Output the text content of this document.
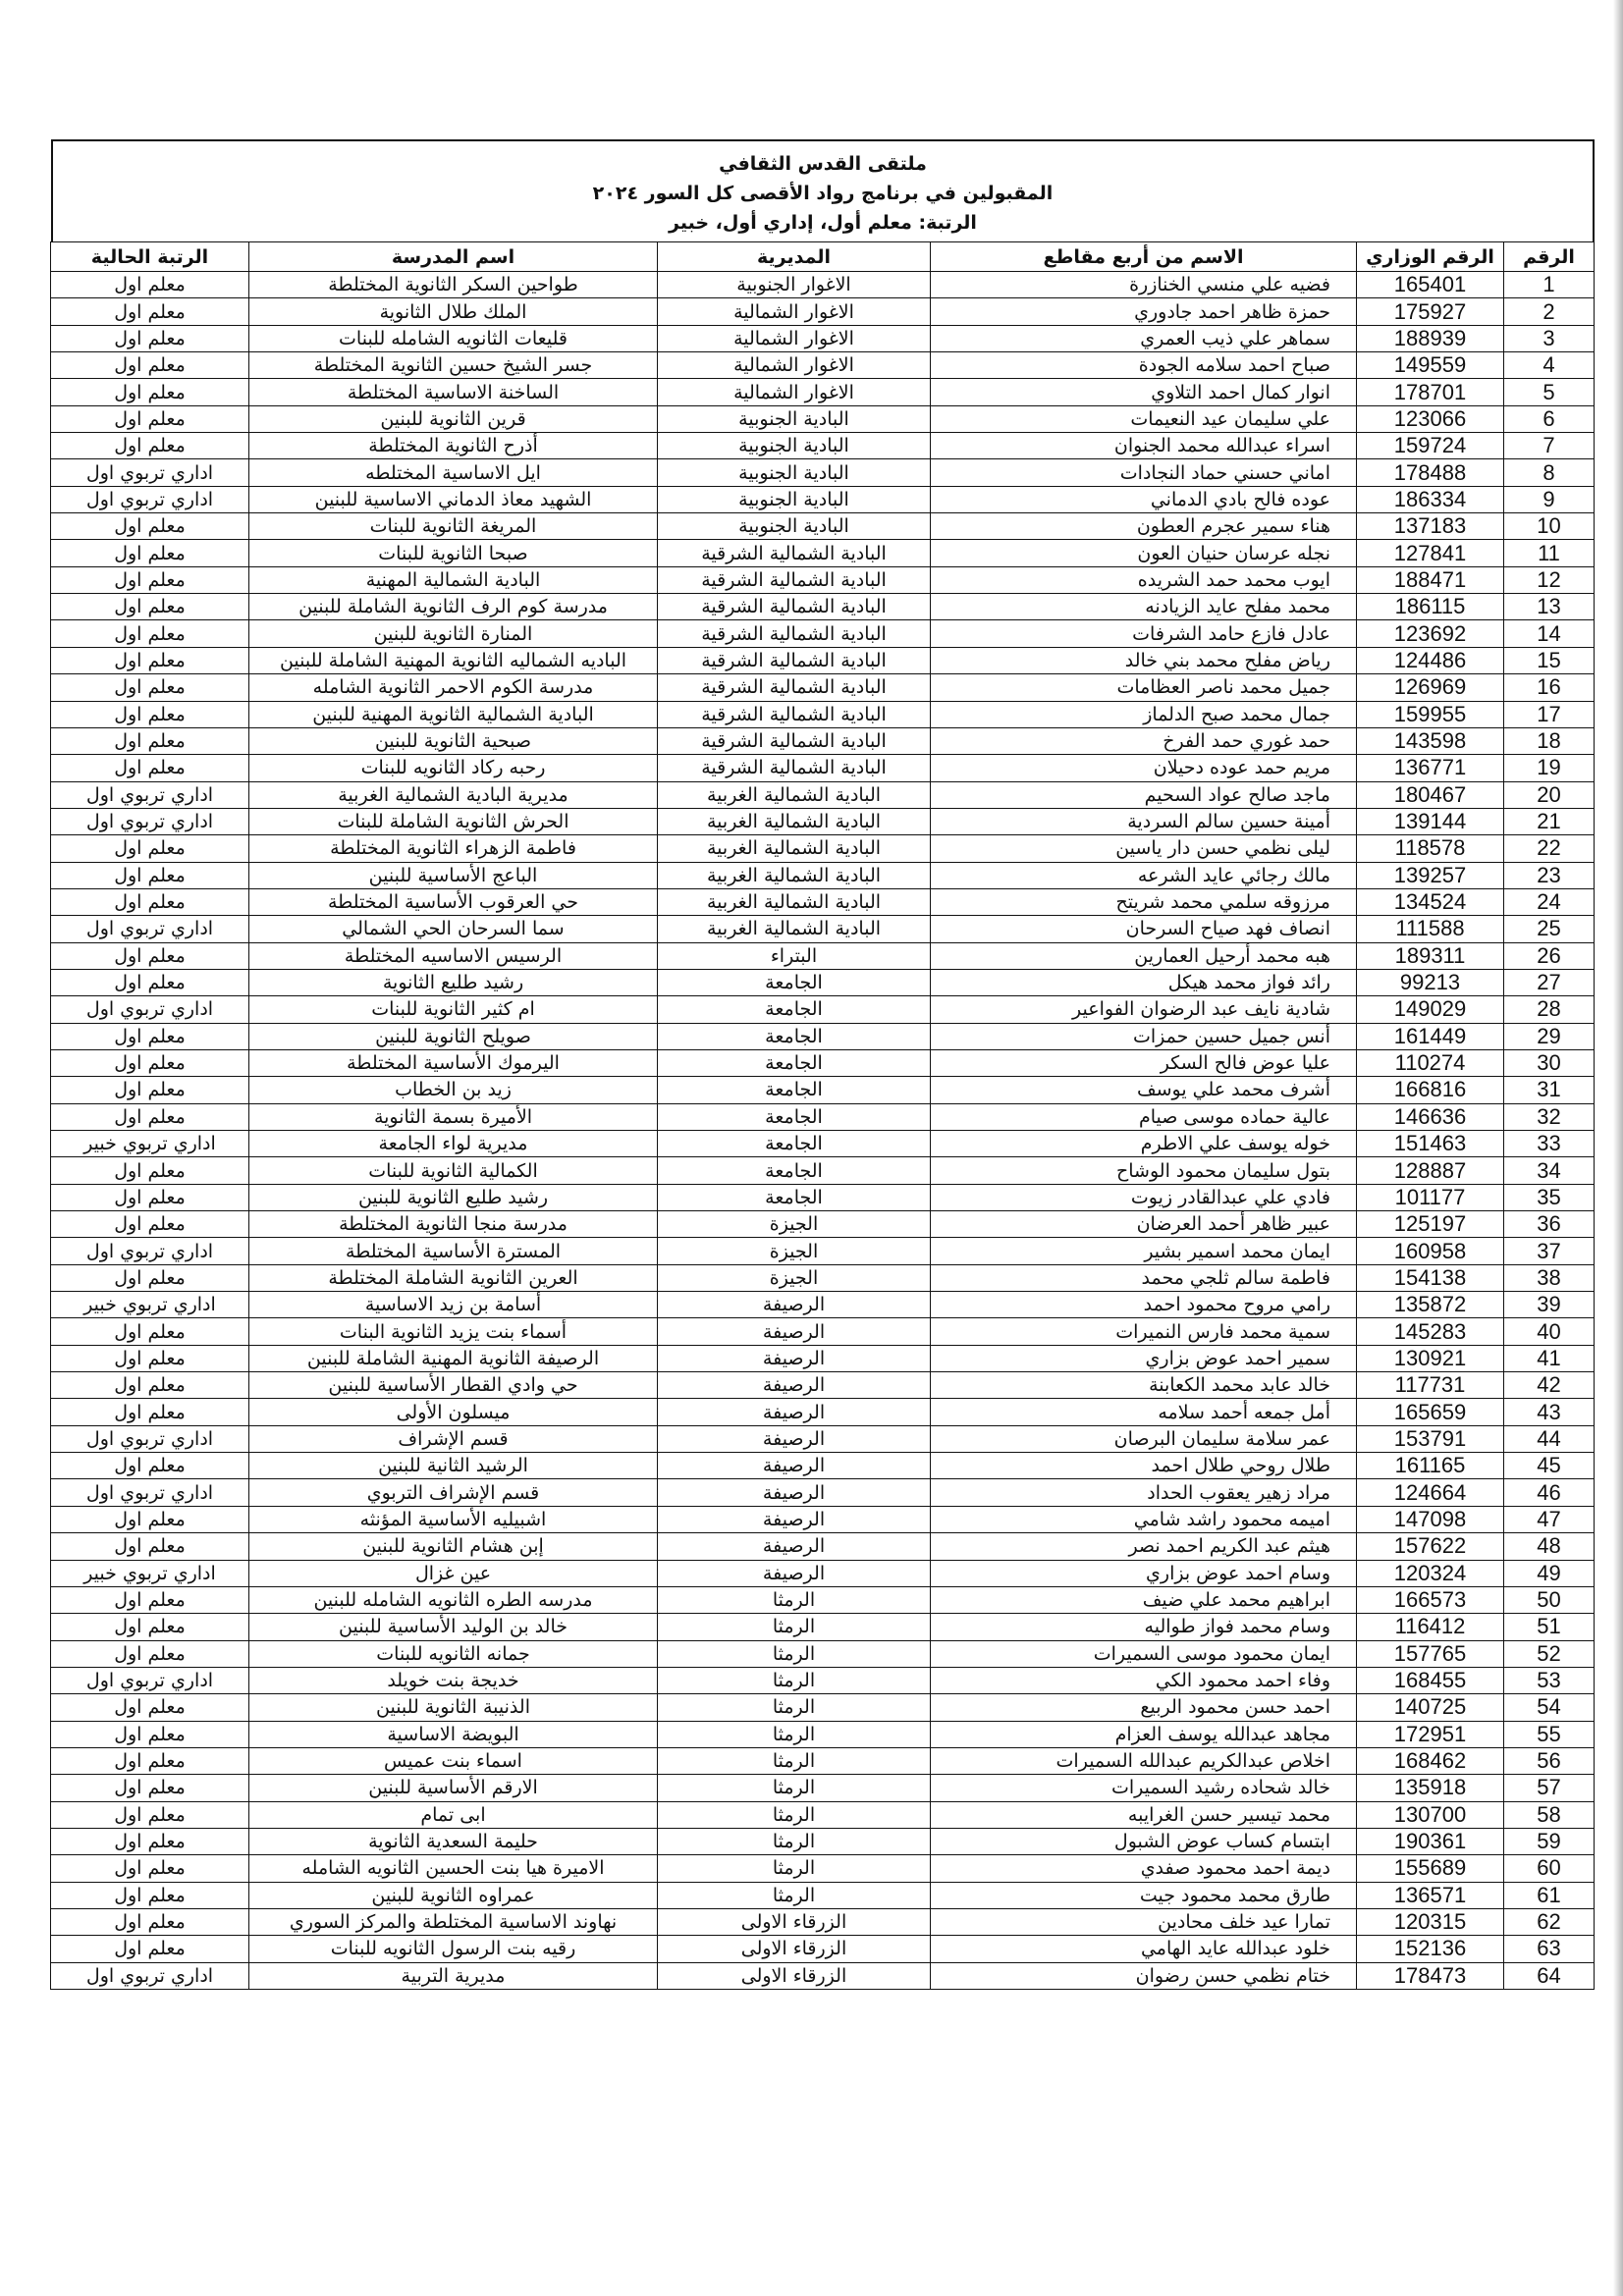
ملتقى القدس الثقافي
المقبولين في برنامج رواد الأقصى كل السور ٢٠٢٤
الرتبة: معلم أول، إداري أول، خبير
الرقم	الرقم الوزاري	الاسم من أربع مقاطع	المديرية	اسم المدرسة	الرتبة الحالية
1	165401	فضيه علي منسي الخنازرة	الاغوار الجنوبية	طواحين السكر الثانوية المختلطة	معلم اول
2	175927	حمزة ظاهر احمد جادوري	الاغوار الشمالية	الملك طلال الثانوية	معلم اول
3	188939	سماهر علي ذيب العمري	الاغوار الشمالية	قليعات الثانويه الشامله للبنات	معلم اول
4	149559	صباح احمد سلامه الجودة	الاغوار الشمالية	جسر الشيخ حسين الثانوية المختلطة	معلم اول
5	178701	انوار كمال احمد التلاوي	الاغوار الشمالية	الساخنة الاساسية المختلطة	معلم اول
6	123066	علي سليمان عيد النعيمات	البادية الجنوبية	قرين الثانوية للبنين	معلم اول
7	159724	اسراء عبدالله محمد الجنوان	البادية الجنوبية	أذرح الثانوية المختلطة	معلم اول
8	178488	اماني حسني حماد النجادات	البادية الجنوبية	ايل الاساسية المختلطه	اداري تربوي اول
9	186334	عوده فالح بادي الدماني	البادية الجنوبية	الشهيد معاذ الدماني الاساسية للبنين	اداري تربوي اول
10	137183	هناء سمير عجرم العطون	البادية الجنوبية	المريغة الثانوية للبنات	معلم اول
11	127841	نجله عرسان حنيان العون	البادية الشمالية الشرقية	صبحا الثانوية للبنات	معلم اول
12	188471	ايوب محمد حمد الشريده	البادية الشمالية الشرقية	البادية الشمالية المهنية	معلم اول
13	186115	محمد مفلح عايد الزيادنه	البادية الشمالية الشرقية	مدرسة كوم الرف الثانوية الشاملة للبنين	معلم اول
14	123692	عادل فازع حامد الشرفات	البادية الشمالية الشرقية	المنارة الثانوية للبنين	معلم اول
15	124486	رياض مفلح محمد بني خالد	البادية الشمالية الشرقية	الباديه الشماليه الثانوية المهنية الشاملة للبنين	معلم اول
16	126969	جميل محمد ناصر العظامات	البادية الشمالية الشرقية	مدرسة الكوم الاحمر الثانوية الشامله	معلم اول
17	159955	جمال محمد صبح الدلماز	البادية الشمالية الشرقية	البادية الشمالية الثانوية المهنية للبنين	معلم اول
18	143598	حمد غوري حمد الفرخ	البادية الشمالية الشرقية	صبحية الثانوية للبنين	معلم اول
19	136771	مريم حمد عوده دحيلان	البادية الشمالية الشرقية	رحبه ركاد الثانويه للبنات	معلم اول
20	180467	ماجد صالح عواد السحيم	البادية الشمالية الغربية	مديرية البادية الشمالية الغربية	اداري تربوي اول
21	139144	أمينة حسين سالم السردية	البادية الشمالية الغربية	الحرش الثانوية الشاملة للبنات	اداري تربوي اول
22	118578	ليلى نظمي حسن دار ياسين	البادية الشمالية الغربية	فاطمة الزهراء الثانوية المختلطة	معلم اول
23	139257	مالك رجائي عايد الشرعه	البادية الشمالية الغربية	الباعج الأساسية للبنين	معلم اول
24	134524	مرزوقه سلمي محمد شريتح	البادية الشمالية الغربية	حي العرقوب الأساسية المختلطة	معلم اول
25	111588	انصاف فهد صياح السرحان	البادية الشمالية الغربية	سما السرحان الحي الشمالي	اداري تربوي اول
26	189311	هبه محمد أرحيل العمارين	البتراء	الرسيس الاساسيه المختلطة	معلم اول
27	99213	رائد فواز محمد هيكل	الجامعة	رشيد طليع الثانوية	معلم اول
28	149029	شادية نايف عبد الرضوان الفواعير	الجامعة	ام كثير الثانوية للبنات	اداري تربوي اول
29	161449	أنس جميل حسين حمزات	الجامعة	صويلح الثانوية للبنين	معلم اول
30	110274	عليا عوض فالح السكر	الجامعة	اليرموك الأساسية المختلطة	معلم اول
31	166816	أشرف محمد علي يوسف	الجامعة	زيد بن الخطاب	معلم اول
32	146636	عالية حماده موسى صيام	الجامعة	الأميرة بسمة الثانوية	معلم اول
33	151463	خوله يوسف علي الاطرم	الجامعة	مديرية لواء الجامعة	اداري تربوي خبير
34	128887	بتول سليمان محمود الوشاح	الجامعة	الكمالية الثانوية للبنات	معلم اول
35	101177	فادي علي عبدالقادر زيوت	الجامعة	رشيد طليع الثانوية للبنين	معلم اول
36	125197	عبير ظاهر أحمد العرضان	الجيزة	مدرسة منجا الثانوية المختلطة	معلم اول
37	160958	ايمان محمد اسمير بشير	الجيزة	المسترة الأساسية المختلطة	اداري تربوي اول
38	154138	فاطمة سالم ثلجي محمد	الجيزة	العرين الثانوية الشاملة المختلطة	معلم اول
39	135872	رامي مروح محمود احمد	الرصيفة	أسامة بن زيد الاساسية	اداري تربوي خبير
40	145283	سمية محمد فارس النميرات	الرصيفة	أسماء بنت يزيد الثانوية البنات	معلم اول
41	130921	سمير احمد عوض بزاري	الرصيفة	الرصيفة الثانوية المهنية الشاملة للبنين	معلم اول
42	117731	خالد عابد محمد الكعابنة	الرصيفة	حي وادي القطار الأساسية للبنين	معلم اول
43	165659	أمل جمعه أحمد سلامه	الرصيفة	ميسلون الأولى	معلم اول
44	153791	عمر سلامة سليمان البرصان	الرصيفة	قسم الإشراف	اداري تربوي اول
45	161165	طلال روحي طلال احمد	الرصيفة	الرشيد الثانية للبنين	معلم اول
46	124664	مراد زهير يعقوب الحداد	الرصيفة	قسم الإشراف التربوي	اداري تربوي اول
47	147098	اميمه محمود راشد شامي	الرصيفة	اشبيليه الأساسية المؤنثه	معلم اول
48	157622	هيثم عبد الكريم احمد نصر	الرصيفة	إبن هشام الثانوية للبنين	معلم اول
49	120324	وسام احمد عوض بزاري	الرصيفة	عين غزال	اداري تربوي خبير
50	166573	ابراهيم محمد علي ضيف	الرمثا	مدرسه الطره الثانويه الشامله للبنين	معلم اول
51	116412	وسام محمد فواز طواليه	الرمثا	خالد بن الوليد الأساسية للبنين	معلم اول
52	157765	ايمان محمود موسى السميرات	الرمثا	جمانه الثانويه للبنات	معلم اول
53	168455	وفاء احمد محمود الكي	الرمثا	خديجة بنت خويلد	اداري تربوي اول
54	140725	احمد حسن محمود الربيع	الرمثا	الذنيبة الثانوية للبنين	معلم اول
55	172951	مجاهد عبدالله يوسف العزام	الرمثا	البويضة الاساسية	معلم اول
56	168462	اخلاص عبدالكريم عبدالله السميرات	الرمثا	اسماء بنت عميس	معلم اول
57	135918	خالد شحاده رشيد السميرات	الرمثا	الارقم الأساسية للبنين	معلم اول
58	130700	محمد تيسير حسن الغرايبه	الرمثا	ابى تمام	معلم اول
59	190361	ابتسام كساب عوض الشبول	الرمثا	حليمة السعدية الثانوية	معلم اول
60	155689	ديمة احمد محمود صفدي	الرمثا	الاميرة هيا بنت الحسين الثانويه الشامله	معلم اول
61	136571	طارق محمد محمود جيت	الرمثا	عمراوه الثانوية للبنين	معلم اول
62	120315	تمارا عيد خلف محادين	الزرقاء الاولى	نهاوند الاساسية المختلطة والمركز السوري	معلم اول
63	152136	خلود عبدالله عايد الهامي	الزرقاء الاولى	رقيه بنت الرسول الثانويه للبنات	معلم اول
64	178473	ختام نظمي حسن رضوان	الزرقاء الاولى	مديرية التربية	اداري تربوي اول
